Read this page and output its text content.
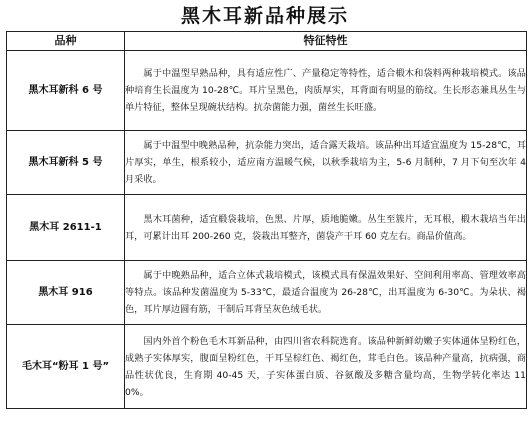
黑木耳新品种展示
品种	特征特性
黑木耳新科 6 号	属于中温型早熟品种，具有适应性广、产量稳定等特性，适合椴木和袋料两种栽培模式。该品种培育生长温度为 10-28℃。耳片呈黑色，肉质厚实，耳背面有明显的筋纹。生长形态兼具丛生与单片特征，整体呈现碗状结构。抗杂菌能力强，菌丝生长旺盛。
黑木耳新科 5 号	属于中温型中晚熟品种，抗杂能力突出，适合露天栽培。该品种出耳适宜温度为 15-28℃，耳片厚实，单生，根系较小，适应南方温暖气候，以秋季栽培为主，5-6 月制种，7 月下旬至次年 4 月采收。
黑木耳 2611-1	黑木耳菌种，适宜椴袋栽培，色黑、片厚，质地脆嫩。丛生至簇片，无耳根，椴木栽培当年出耳，可累计出耳 200-260 克，袋栽出耳整齐，菌袋产干耳 60 克左右。商品价值高。
黑木耳 916	属于中晚熟品种，适合立体式栽培模式，该模式具有保温效果好、空间利用率高、管理效率高等特点。该品种发菌温度为 5-33℃，最适合温度为 26-28℃，出耳温度为 6-30℃。为朵状、褐色，耳片厚边圆有筋，干制后耳背呈灰色绒毛状。
毛木耳“粉耳 1 号”	国内外首个粉色毛木耳新品种，由四川省农科院选育。该品种新鲜幼嫩子实体通体呈粉红色，成熟子实体厚实，腹面呈粉红色，干耳呈棕红色、褐红色，茸毛白色。该品种产量高，抗病强，商品性状优良，生育期 40-45 天，子实体蛋白质、谷氨酸及多糖含量均高，生物学转化率达 110%。
